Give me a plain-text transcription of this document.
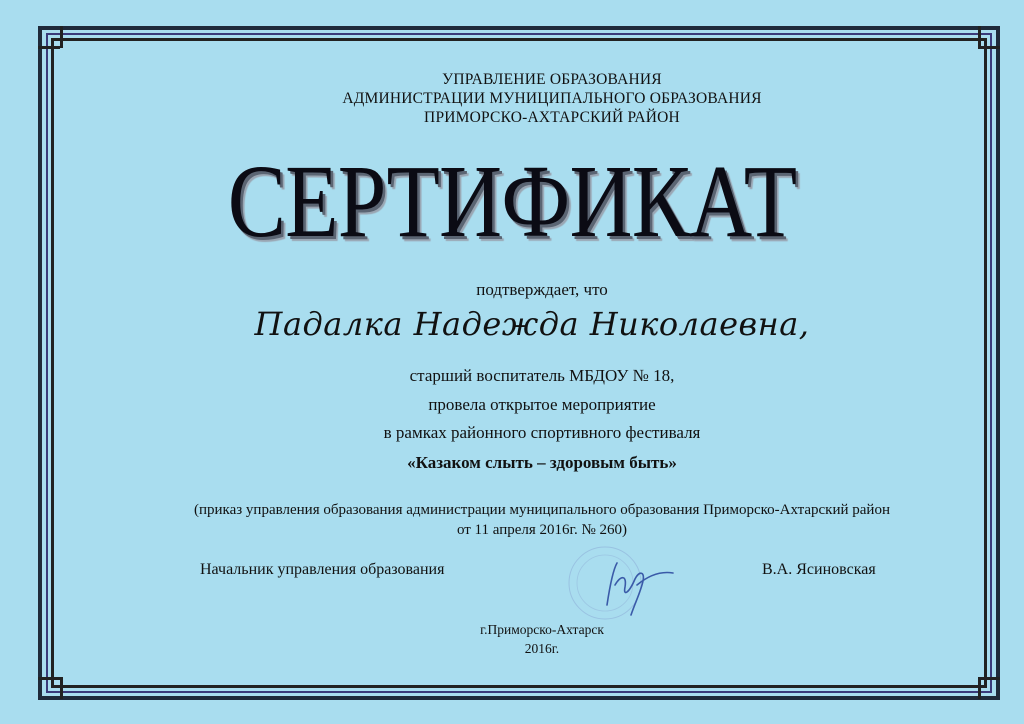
УПРАВЛЕНИЕ ОБРАЗОВАНИЯ
АДМИНИСТРАЦИИ МУНИЦИПАЛЬНОГО ОБРАЗОВАНИЯ
ПРИМОРСКО-АХТАРСКИЙ РАЙОН
СЕРТИФИКАТ
подтверждает, что
Падалка Надежда Николаевна,
старший воспитатель МБДОУ № 18,
провела открытое мероприятие
в рамках районного спортивного фестиваля
«Казаком слыть – здоровым быть»
(приказ управления образования администрации муниципального образования Приморско-Ахтарский район
от 11 апреля 2016г. № 260)
Начальник управления образования	В.А. Ясиновская
г.Приморско-Ахтарск
2016г.
